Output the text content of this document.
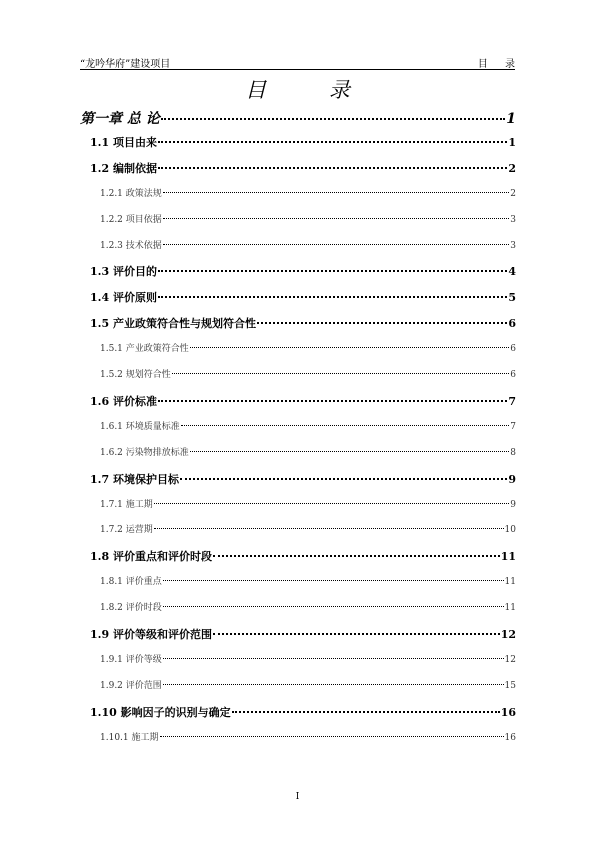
“龙吟华府”建设项目	目 录
目 录
第一章 总 论	1
1.1 项目由来	1
1.2 编制依据	2
1.2.1 政策法规	2
1.2.2 项目依据	3
1.2.3 技术依据	3
1.3 评价目的	4
1.4 评价原则	5
1.5 产业政策符合性与规划符合性	6
1.5.1 产业政策符合性	6
1.5.2 规划符合性	6
1.6 评价标准	7
1.6.1 环境质量标准	7
1.6.2 污染物排放标准	8
1.7 环境保护目标	9
1.7.1 施工期	9
1.7.2 运营期	10
1.8 评价重点和评价时段	11
1.8.1 评价重点	11
1.8.2 评价时段	11
1.9 评价等级和评价范围	12
1.9.1 评价等级	12
1.9.2 评价范围	15
1.10 影响因子的识别与确定	16
1.10.1 施工期	16
I
